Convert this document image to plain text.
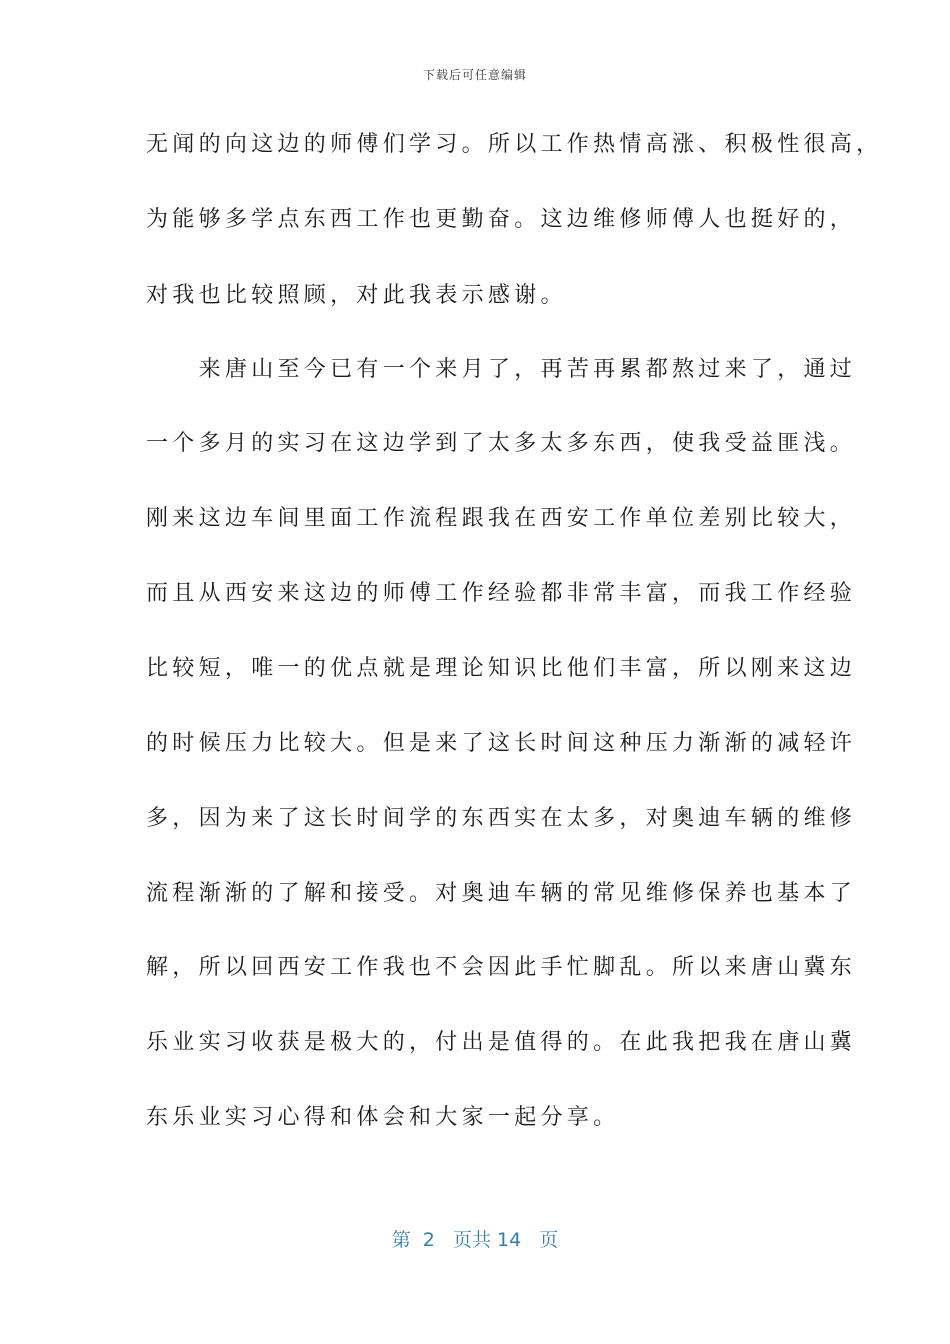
下载后可任意编辑
无闻的向这边的师傅们学习。所以工作热情高涨、积极性很高，
为能够多学点东西工作也更勤奋。这边维修师傅人也挺好的，
对我也比较照顾，对此我表示感谢。
　　来唐山至今已有一个来月了，再苦再累都熬过来了，通过
一个多月的实习在这边学到了太多太多东西，使我受益匪浅。
刚来这边车间里面工作流程跟我在西安工作单位差别比较大，
而且从西安来这边的师傅工作经验都非常丰富，而我工作经验
比较短，唯一的优点就是理论知识比他们丰富，所以刚来这边
的时候压力比较大。但是来了这长时间这种压力渐渐的减轻许
多，因为来了这长时间学的东西实在太多，对奥迪车辆的维修
流程渐渐的了解和接受。对奥迪车辆的常见维修保养也基本了
解，所以回西安工作我也不会因此手忙脚乱。所以来唐山冀东
乐业实习收获是极大的，付出是值得的。在此我把我在唐山冀
东乐业实习心得和体会和大家一起分享。
第  2   页共 14   页
